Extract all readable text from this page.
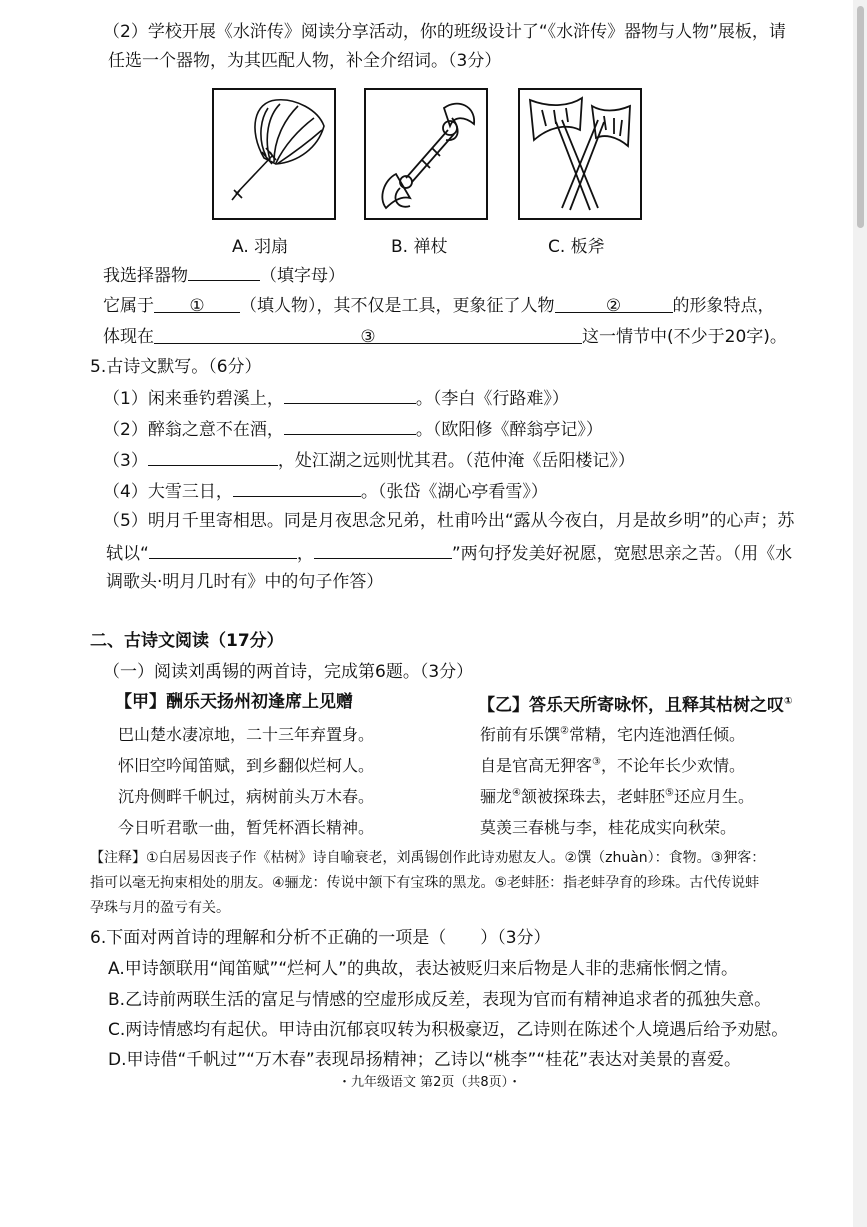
（2）学校开展《水浒传》阅读分享活动，你的班级设计了“《水浒传》器物与人物”展板，请
任选一个器物，为其匹配人物，补全介绍词。（3分）
A. 羽扇	B. 禅杖	C. 板斧
我选择器物	（填字母）
它属于 ① （填人物），其不仅是工具，更象征了人物	②	的形象特点，
体现在	③	这一情节中(不少于20字)。
5.古诗文默写。（6分）
（1）闲来垂钓碧溪上，	。（李白《行路难》）
（2）醉翁之意不在酒，	。（欧阳修《醉翁亭记》）
（3）	，处江湖之远则忧其君。（范仲淹《岳阳楼记》）
（4）大雪三日，	。（张岱《湖心亭看雪》）
（5）明月千里寄相思。同是月夜思念兄弟，杜甫吟出“露从今夜白，月是故乡明”的心声；苏
轼以“	，	”两句抒发美好祝愿，宽慰思亲之苦。（用《水
调歌头·明月几时有》中的句子作答）
二、古诗文阅读（17分）
（一）阅读刘禹锡的两首诗，完成第6题。（3分）
【甲】酬乐天扬州初逢席上见赠
巴山楚水凄凉地，二十三年弃置身。
怀旧空吟闻笛赋，到乡翻似烂柯人。
沉舟侧畔千帆过，病树前头万木春。
今日听君歌一曲，暂凭杯酒长精神。
【乙】答乐天所寄咏怀，且释其枯树之叹①
衔前有乐馔②常精，宅内连池酒任倾。
自是官高无狎客③，不论年长少欢情。
骊龙④颔被探珠去，老蚌胚⑤还应月生。
莫羡三春桃与李，桂花成实向秋荣。
【注释】①白居易因丧子作《枯树》诗自喻衰老，刘禹锡创作此诗劝慰友人。②馔（zhuàn）：食物。③狎客：
指可以毫无拘束相处的朋友。④骊龙：传说中颔下有宝珠的黑龙。⑤老蚌胚：指老蚌孕育的珍珠。古代传说蚌
孕珠与月的盈亏有关。
6.下面对两首诗的理解和分析不正确的一项是（　　）（3分）
A.甲诗颔联用“闻笛赋”“烂柯人”的典故，表达被贬归来后物是人非的悲痛怅惘之情。
B.乙诗前两联生活的富足与情感的空虚形成反差，表现为官而有精神追求者的孤独失意。
C.两诗情感均有起伏。甲诗由沉郁哀叹转为积极豪迈，乙诗则在陈述个人境遇后给予劝慰。
D.甲诗借“千帆过”“万木春”表现昂扬精神；乙诗以“桃李”“桂花”表达对美景的喜爱。
・九年级语文 第2页（共8页）・
